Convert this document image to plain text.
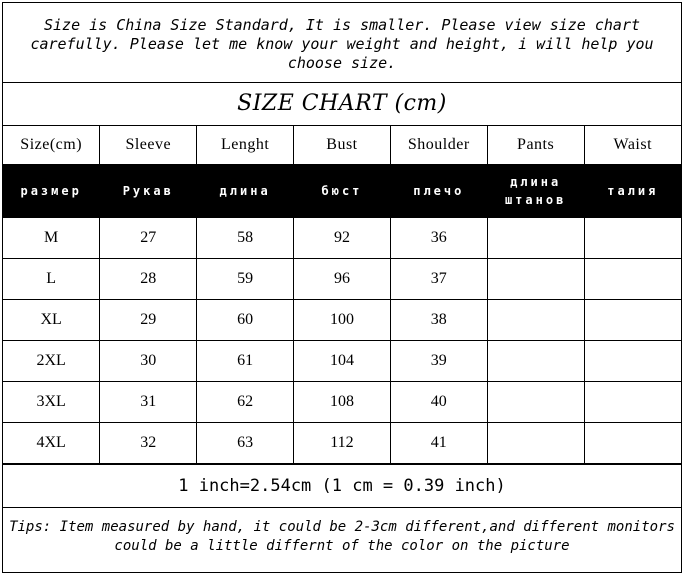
Size is China Size Standard, It is smaller. Please view size chart carefully. Please let me know your weight and height, i will help you choose size.
SIZE CHART (cm)
Size(cm)	Sleeve	Lenght	Bust	Shoulder	Pants	Waist
размер	Рукав	длина	бюст	плечо	длина штанов	талия
M	27	58	92	36		
L	28	59	96	37		
XL	29	60	100	38		
2XL	30	61	104	39		
3XL	31	62	108	40		
4XL	32	63	112	41		
1 inch=2.54cm (1 cm = 0.39 inch)
Tips: Item measured by hand, it could be 2-3cm different,and different monitors could be a little differnt of the color on the picture
